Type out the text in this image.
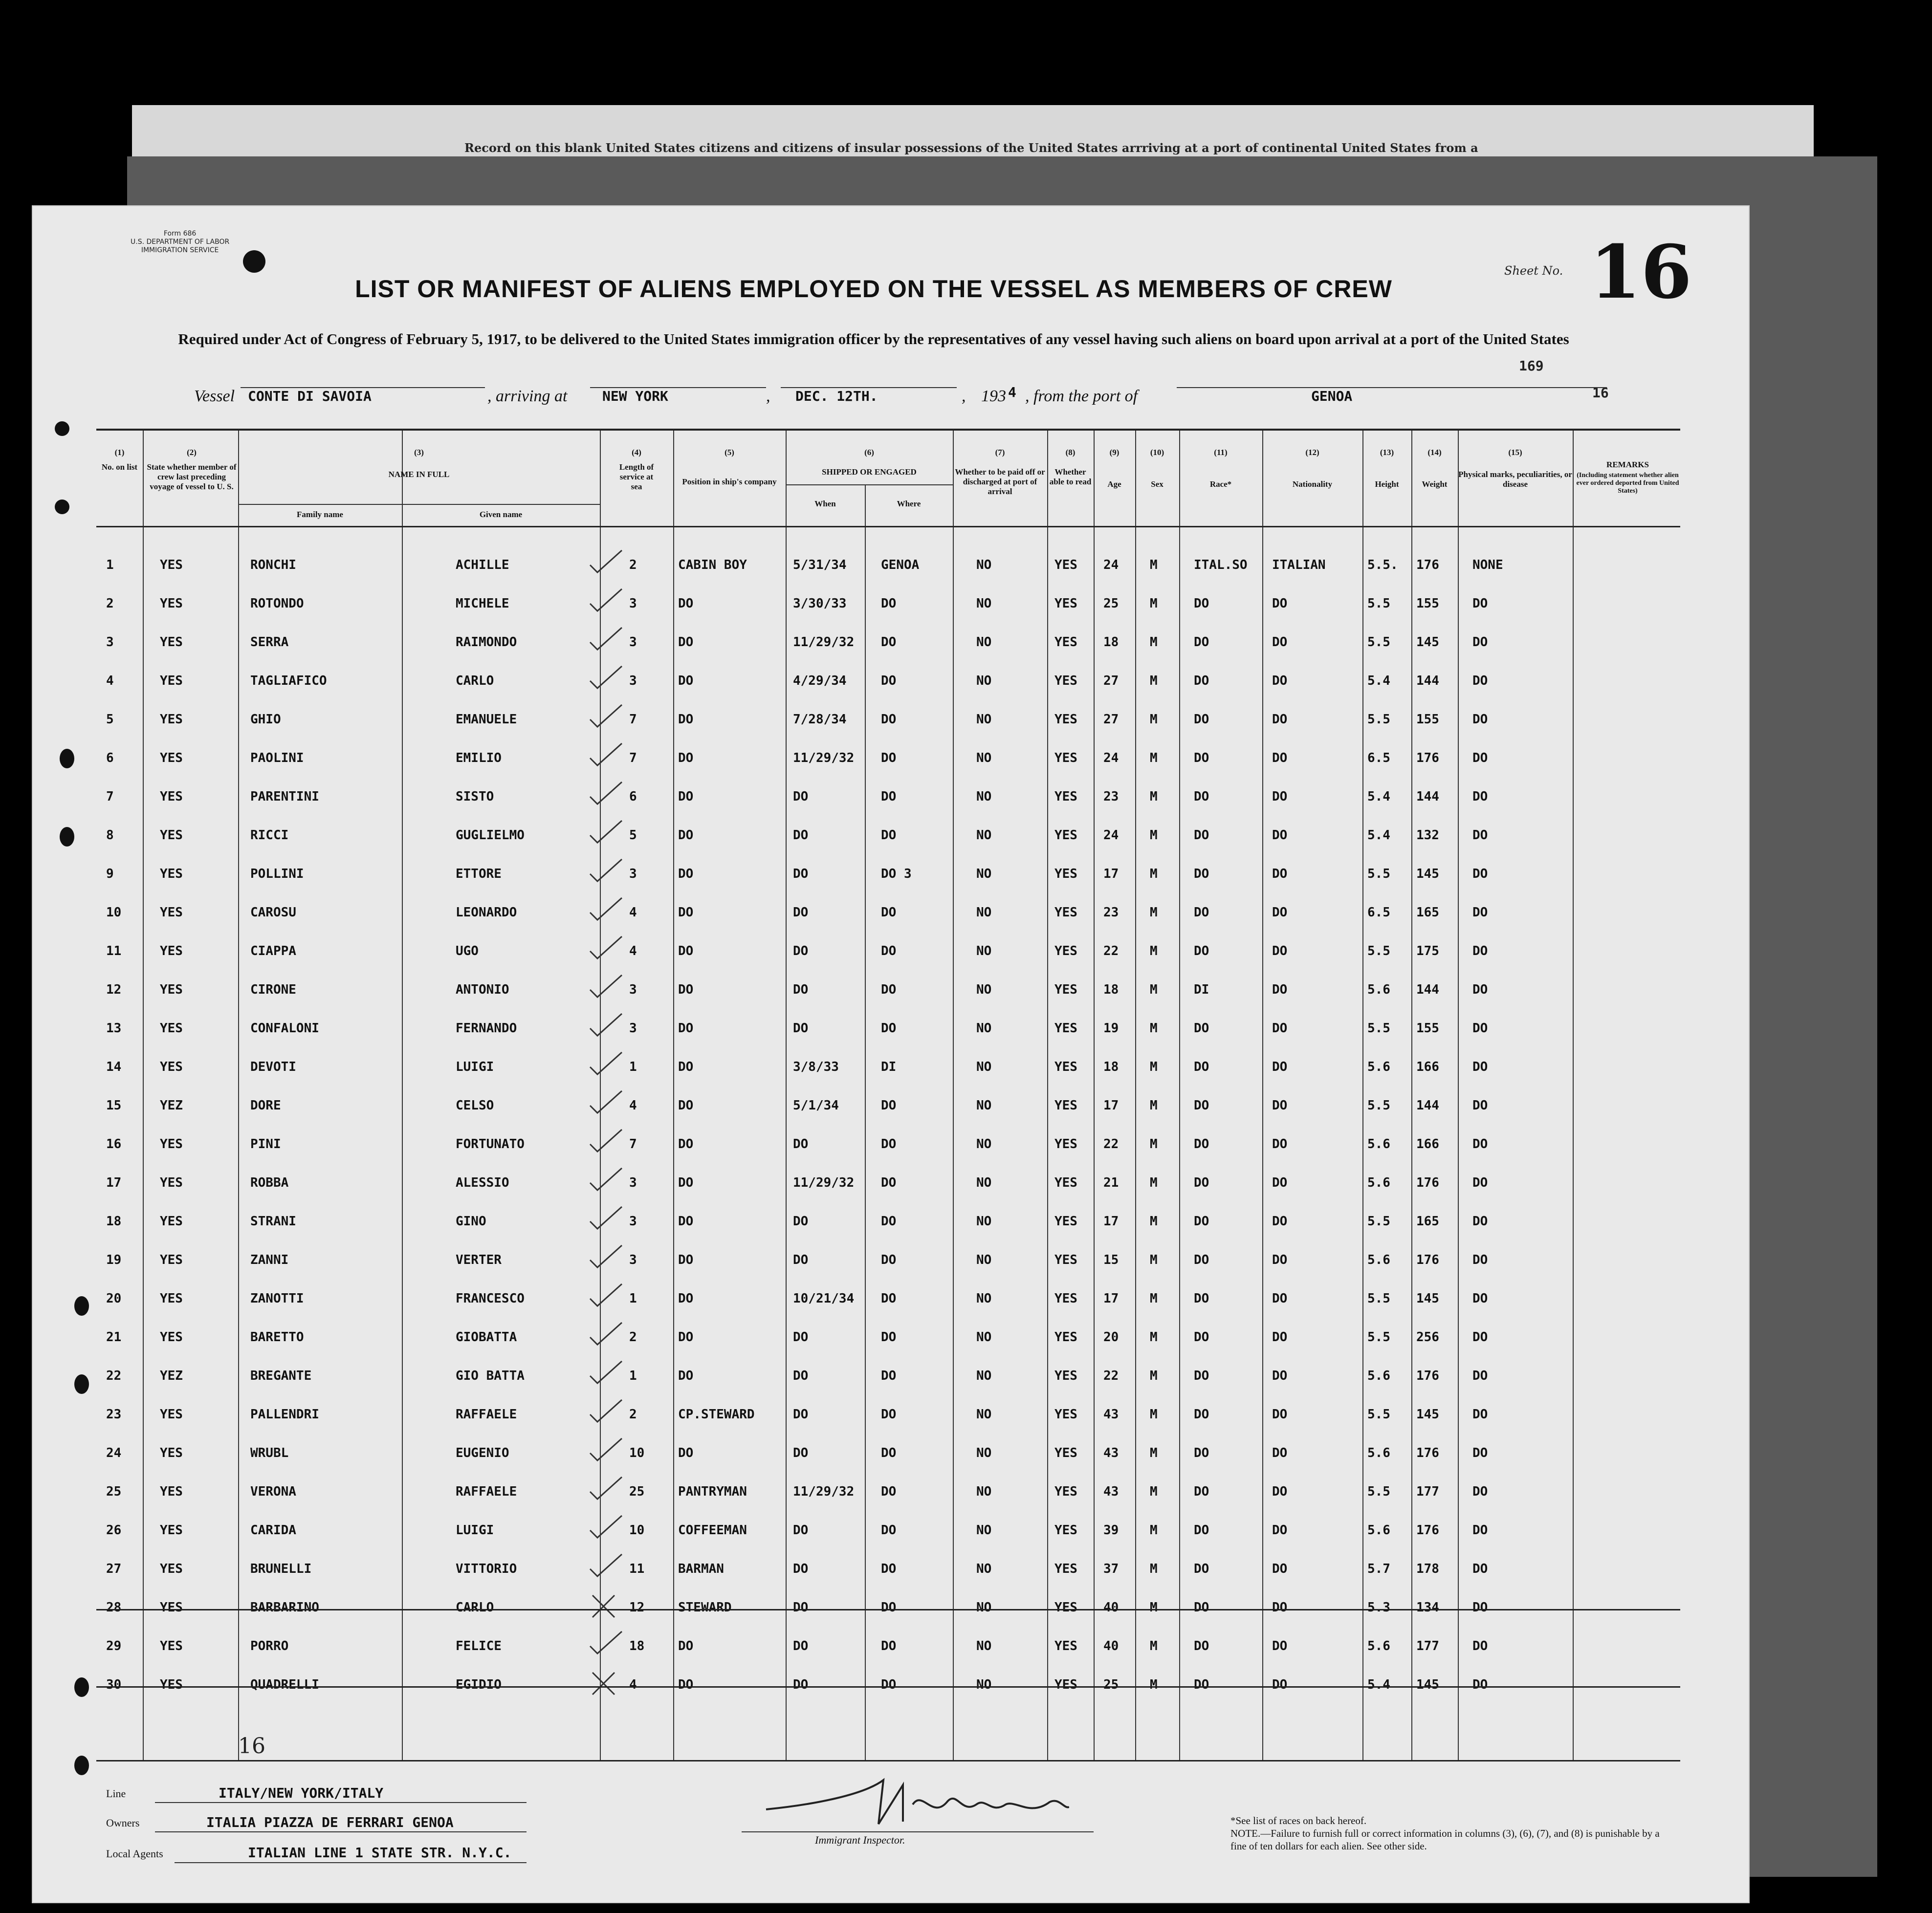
Record on this blank United States citizens and citizens of insular possessions of the United States arrriving at a port of continental United States from a
Form 686
U.S. DEPARTMENT OF LABOR
IMMIGRATION SERVICE
Sheet No. 16
LIST OR MANIFEST OF ALIENS EMPLOYED ON THE VESSEL AS MEMBERS OF CREW
Required under Act of Congress of February 5, 1917, to be delivered to the United States immigration officer by the representatives of any vessel having such aliens on board upon arrival at a port of the United States
169
16
Vessel CONTE DI SAVOIA	, arriving at	NEW YORK	, DEC. 12TH.	, 193 4 , from the port of	GENOA
(1)
No. on list
(2)
State whether member of crew last preceding voyage of vessel to U. S.
(3)
NAME IN FULL
Family name	Given name
(4)
Length of service at sea
(5)
Position in ship's company
(6)
SHIPPED OR ENGAGED
When	Where
(7)
Whether to be paid off or discharged at port of arrival
(8)
Whether able to read
(9)
Age
(10)
Sex
(11)
Race*
(12)
Nationality
(13)
Height
(14)
Weight
(15)
Physical marks, peculiarities, or disease
REMARKS
(Including statement whether alien ever ordered deported from United States)
1	YES	RONCHI	ACHILLE	2	CABIN BOY	5/31/34	GENOA	NO	YES 24 M	ITAL.SO ITALIAN	5.5. 176	NONE
2	YES	ROTONDO	MICHELE	3	DO	3/30/33	DO	NO	YES 25 M	DO	DO	5.5 155	DO
3	YES	SERRA	RAIMONDO	3	DO	11/29/32 DO	NO	YES 18 M	DO	DO	5.5 145	DO
4	YES	TAGLIAFICO	CARLO	3	DO	4/29/34	DO	NO	YES 27 M	DO	DO	5.4 144	DO
5	YES	GHIO	EMANUELE	7	DO	7/28/34	DO	NO	YES 27 M	DO	DO	5.5 155	DO
6	YES	PAOLINI	EMILIO	7	DO	11/29/32 DO	NO	YES 24 M	DO	DO	6.5 176	DO
7	YES	PARENTINI	SISTO	6	DO	DO	DO	NO	YES 23 M	DO	DO	5.4 144	DO
8	YES	RICCI	GUGLIELMO	5	DO	DO	DO	NO	YES 24 M	DO	DO	5.4 132	DO
9	YES	POLLINI	ETTORE	3	DO	DO	DO 3	NO	YES 17 M	DO	DO	5.5 145	DO
10	YES	CAROSU	LEONARDO	4	DO	DO	DO	NO	YES 23 M	DO	DO	6.5 165	DO
11	YES	CIAPPA	UGO	4	DO	DO	DO	NO	YES 22 M	DO	DO	5.5 175	DO
12	YES	CIRONE	ANTONIO	3	DO	DO	DO	NO	YES 18 M	DI	DO	5.6 144	DO
13	YES	CONFALONI	FERNANDO	3	DO	DO	DO	NO	YES 19 M	DO	DO	5.5 155	DO
14	YES	DEVOTI	LUIGI	1	DO	3/8/33	DI	NO	YES 18 M	DO	DO	5.6 166	DO
15	YEZ	DORE	CELSO	4	DO	5/1/34	DO	NO	YES 17 M	DO	DO	5.5 144	DO
16	YES	PINI	FORTUNATO	7	DO	DO	DO	NO	YES 22 M	DO	DO	5.6 166	DO
17	YES	ROBBA	ALESSIO	3	DO	11/29/32 DO	NO	YES 21 M	DO	DO	5.6 176	DO
18	YES	STRANI	GINO	3	DO	DO	DO	NO	YES 17 M	DO	DO	5.5 165	DO
19	YES	ZANNI	VERTER	3	DO	DO	DO	NO	YES 15 M	DO	DO	5.6 176	DO
20	YES	ZANOTTI	FRANCESCO	1	DO	10/21/34 DO	NO	YES 17 M	DO	DO	5.5 145	DO
21	YES	BARETTO	GIOBATTA	2	DO	DO	DO	NO	YES 20 M	DO	DO	5.5 256	DO
22	YEZ	BREGANTE	GIO BATTA	1	DO	DO	DO	NO	YES 22 M	DO	DO	5.6 176	DO
23	YES	PALLENDRI	RAFFAELE	2	CP.STEWARD	DO	DO	NO	YES 43 M	DO	DO	5.5 145	DO
24	YES	WRUBL	EUGENIO	10	DO	DO	DO	NO	YES 43 M	DO	DO	5.6 176	DO
25	YES	VERONA	RAFFAELE	25	PANTRYMAN	11/29/32 DO	NO	YES 43 M	DO	DO	5.5 177	DO
26	YES	CARIDA	LUIGI	10	COFFEEMAN	DO	DO	NO	YES 39 M	DO	DO	5.6 176	DO
27	YES	BRUNELLI	VITTORIO	11	BARMAN	DO	DO	NO	YES 37 M	DO	DO	5.7 178	DO
28	YES	BARBARINO	CARLO	12	STEWARD	DO	DO	NO	YES 40 M	DO	DO	5.3 134	DO
29	YES	PORRO	FELICE	18	DO	DO	DO	NO	YES 40 M	DO	DO	5.6 177	DO
30	YES	QUADRELLI	EGIDIO	4	DO	DO	DO	NO	YES 25 M	DO	DO	5.4 145	DO
16
Line	ITALY/NEW YORK/ITALY
Owners	ITALIA PIAZZA DE FERRARI GENOA
Local Agents	ITALIAN LINE 1 STATE STR. N.Y.C.
Immigrant Inspector.
*See list of races on back hereof.
NOTE.—Failure to furnish full or correct information in columns (3), (6), (7), and (8) is punishable by a fine of ten dollars for each alien. See other side.
